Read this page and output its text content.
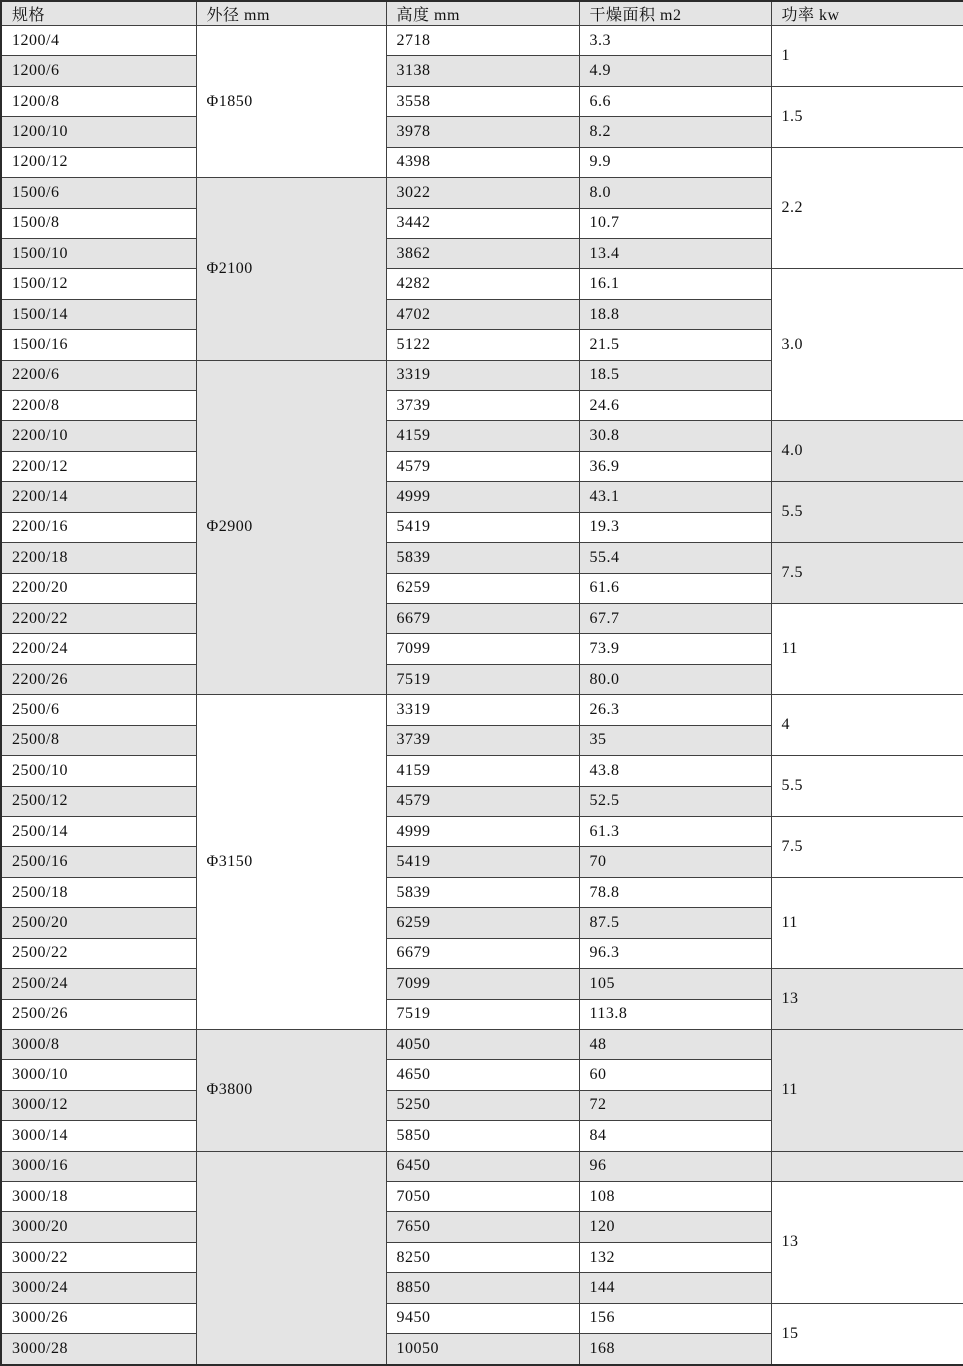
规格	外径 mm	高度 mm	干燥面积 m2	功率 kw
1200/4	Φ1850	2718	3.3	1
1200/6		3138	4.9	
1200/8		3558	6.6	1.5
1200/10		3978	8.2	
1200/12		4398	9.9	2.2
1500/6	Φ2100	3022	8.0	
1500/8		3442	10.7	
1500/10		3862	13.4	
1500/12		4282	16.1	3.0
1500/14		4702	18.8	
1500/16		5122	21.5	
2200/6	Φ2900	3319	18.5	
2200/8		3739	24.6	
2200/10		4159	30.8	4.0
2200/12		4579	36.9	
2200/14		4999	43.1	5.5
2200/16		5419	19.3	
2200/18		5839	55.4	7.5
2200/20		6259	61.6	
2200/22		6679	67.7	11
2200/24		7099	73.9	
2200/26		7519	80.0	
2500/6	Φ3150	3319	26.3	4
2500/8		3739	35	
2500/10		4159	43.8	5.5
2500/12		4579	52.5	
2500/14		4999	61.3	7.5
2500/16		5419	70	
2500/18		5839	78.8	11
2500/20		6259	87.5	
2500/22		6679	96.3	
2500/24		7099	105	13
2500/26		7519	113.8	
3000/8	Φ3800	4050	48	11
3000/10		4650	60	
3000/12		5250	72	
3000/14		5850	84	
3000/16		6450	96	
3000/18		7050	108	13
3000/20		7650	120	
3000/22		8250	132	
3000/24		8850	144	
3000/26		9450	156	15
3000/28		10050	168	
